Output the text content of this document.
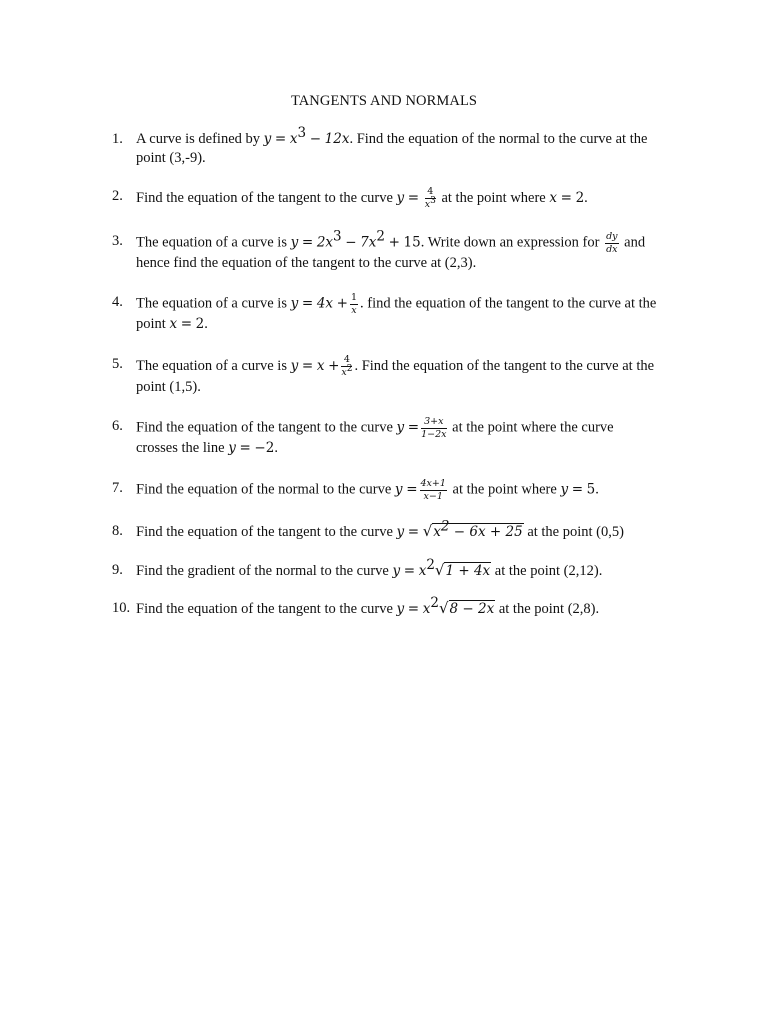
TANGENTS AND NORMALS
1. A curve is defined by $y = x^3 - 12x$. Find the equation of the normal to the curve at the
point (3,-9).
2. Find the equation of the tangent to the curve $y = \frac{4}{x^3}$ at the point where x = 2.
3. The equation of a curve is $y = 2x^3 - 7x^2 + 15$. Write down an expression for $\frac{dy}{dx}$ and
hence find the equation of the tangent to the curve at (2,3).
4. The equation of a curve is $y = 4x + \frac{1}{x}$ . find the equation of the tangent to the curve at the
point x = 2.
5. The equation of a curve is $y = x + \frac{4}{x^2}$ . Find the equation of the tangent to the curve at the
point (1,5).
6. Find the equation of the tangent to the curve $y = \frac{3+x}{1-2x}$ at the point where the curve
crosses the line y = −2.
7. Find the equation of the normal to the curve $y = \frac{4x+1}{x-1}$ at the point where y = 5.
8. Find the equation of the tangent to the curve $y = √x^2 - 6x + 25$ at the point (0,5)
9. Find the gradient of the normal to the curve $y = x^2√1 + 4x$ at the point (2,12).
10. Find the equation of the tangent to the curve $y = x^2√8 - 2x$ at the point (2,8).
